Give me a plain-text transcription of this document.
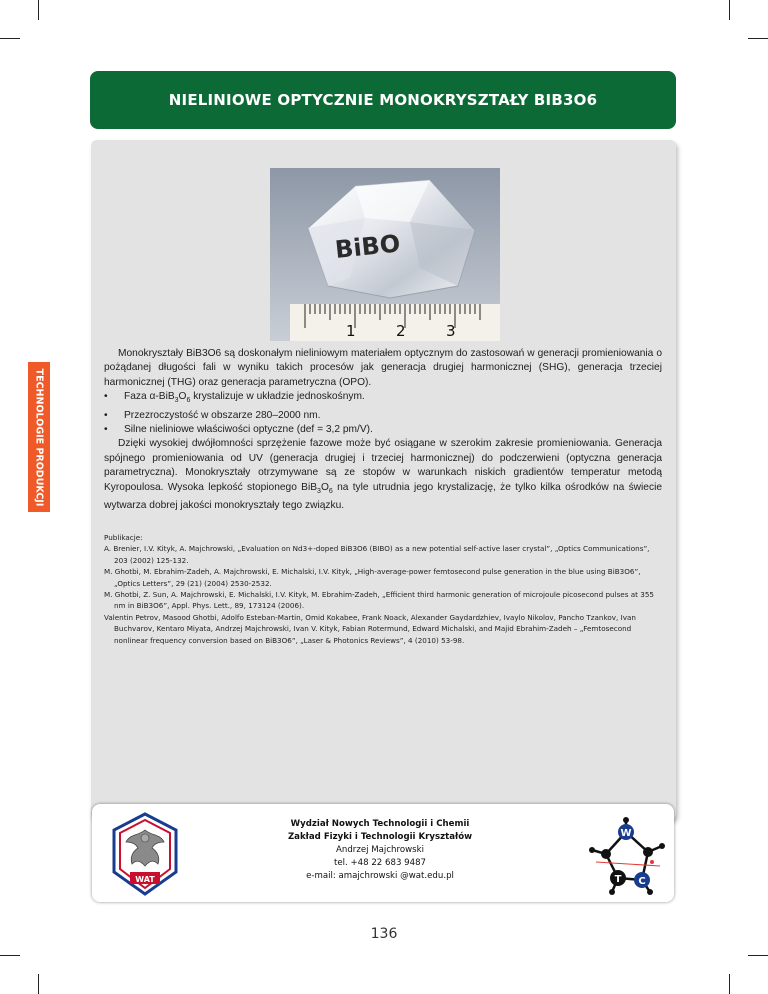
NIELINIOWE OPTYCZNIE MONOKRYSZTAŁY BIB3O6
TECHNOLOGIE PRODUKCJI
BiBO
1	2	3

Monokryształy BiB3O6 są doskonałym nieliniowym materiałem optycznym do zastosowań w generacji promieniowania o pożądanej długości fali w wyniku takich procesów jak generacja drugiej harmonicznej (SHG), generacja trzeciej harmonicznej (THG) oraz generacja parametryczna (OPO).

•	Faza $\alpha-BiB_3O_6$ krystalizuje w układzie jednoskośnym.
•	Przezroczystość w obszarze 280–2000 nm.
•	Silne nieliniowe właściwości optyczne (def = 3,2 pm/V).

Dzięki wysokiej dwójłomności sprzężenie fazowe może być osiągane w szerokim zakresie promieniowania. Generacja spójnego promieniowania od UV (generacja drugiej i trzeciej harmonicznej) do podczerwieni (optyczna generacja parametryczna). Monokryształy otrzymywane są ze stopów w warunkach niskich gradientów temperatur metodą Kyropoulosa. Wysoka lepkość stopionego $BiB_3O_6$ na tyle utrudnia jego krystalizację, że tylko kilka ośrodków na świecie wytwarza dobrej jakości monokryształy tego związku.

Publikacje:

A. Brenier, I.V. Kityk, A. Majchrowski, „Evaluation on Nd3+-doped BiB3O6 (BIBO) as a new potential self-active laser crystal”, „Optics Communications”, 203 (2002) 125-132.

M. Ghotbi, M. Ebrahim-Zadeh, A. Majchrowski, E. Michalski, I.V. Kityk, „High-average-power femtosecond pulse generation in the blue using BiB3O6”, „Optics Letters”, 29 (21) (2004) 2530-2532.

M. Ghotbi, Z. Sun, A. Majchrowski, E. Michalski, I.V. Kityk, M. Ebrahim-Zadeh, „Efficient third harmonic generation of microjoule picosecond pulses at 355 nm in BiB3O6”, Appl. Phys. Lett., 89, 173124 (2006).

Valentin Petrov, Masood Ghotbi, Adolfo Esteban-Martin, Omid Kokabee, Frank Noack, Alexander Gaydardzhiev, Ivaylo Nikolov, Pancho Tzankov, Ivan Buchvarov, Kentaro Miyata, Andrzej Majchrowski, Ivan V. Kityk, Fabian Rotermund, Edward Michalski, and Majid Ebrahim-Zadeh – „Femtosecond nonlinear frequency conversion based on BiB3O6”, „Laser & Photonics Reviews”, 4 (2010) 53-98.

WAT
Wydział Nowych Technologii i Chemii
Zakład Fizyki i Technologii Kryształów
Andrzej Majchrowski
tel. +48 22 683 9487
e-mail: amajchrowski @wat.edu.pl
W
T C
136
